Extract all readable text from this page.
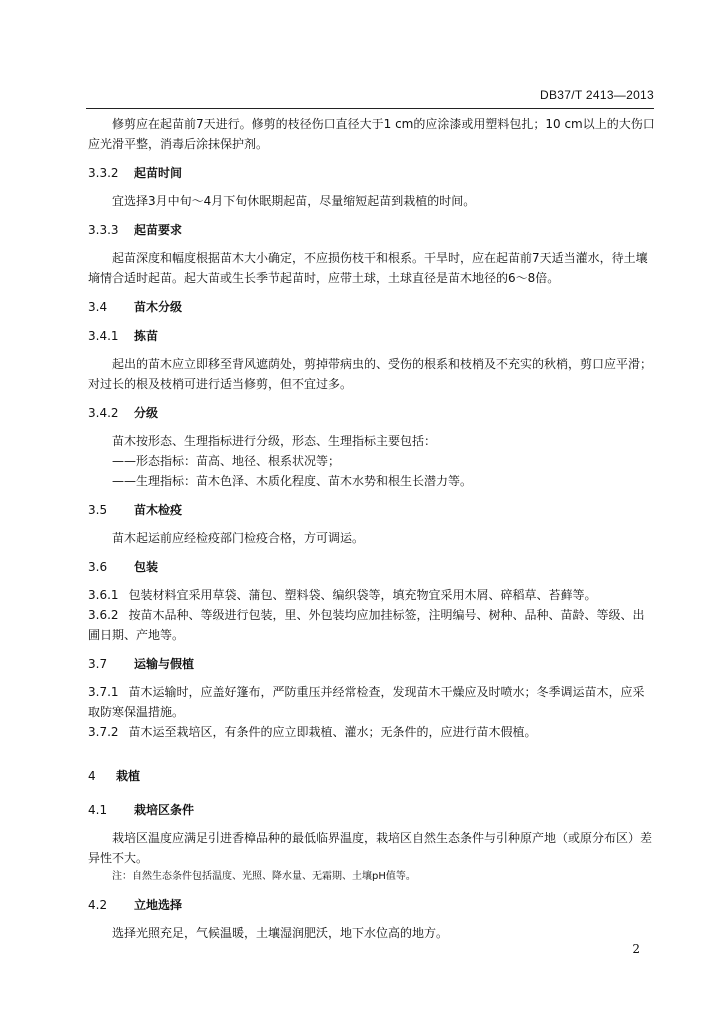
DB37/T 2413—2013

修剪应在起苗前7天进行。修剪的枝径伤口直径大于1 cm的应涂漆或用塑料包扎；10 cm以上的大伤口应光滑平整，消毒后涂抹保护剂。

3.3.2 起苗时间

宜选择3月中旬～4月下旬休眠期起苗，尽量缩短起苗到栽植的时间。

3.3.3 起苗要求

起苗深度和幅度根据苗木大小确定，不应损伤枝干和根系。干旱时，应在起苗前7天适当灌水，待土壤墒情合适时起苗。起大苗或生长季节起苗时，应带土球，土球直径是苗木地径的6～8倍。

3.4 苗木分级
3.4.1 拣苗

起出的苗木应立即移至背风遮荫处，剪掉带病虫的、受伤的根系和枝梢及不充实的秋梢，剪口应平滑；对过长的根及枝梢可进行适当修剪，但不宜过多。

3.4.2 分级

苗木按形态、生理指标进行分级，形态、生理指标主要包括：

——形态指标：苗高、地径、根系状况等；

——生理指标：苗木色泽、木质化程度、苗木水势和根生长潜力等。

3.5 苗木检疫

苗木起运前应经检疫部门检疫合格，方可调运。

3.6 包装

3.6.1 包装材料宜采用草袋、蒲包、塑料袋、编织袋等，填充物宜采用木屑、碎稻草、苔藓等。

3.6.2 按苗木品种、等级进行包装，里、外包装均应加挂标签，注明编号、树种、品种、苗龄、等级、出圃日期、产地等。

3.7 运输与假植

3.7.1 苗木运输时，应盖好篷布，严防重压并经常检查，发现苗木干燥应及时喷水；冬季调运苗木，应采取防寒保温措施。

3.7.2 苗木运至栽培区，有条件的应立即栽植、灌水；无条件的，应进行苗木假植。

4 栽植
4.1 栽培区条件

栽培区温度应满足引进香樟品种的最低临界温度，栽培区自然生态条件与引种原产地（或原分布区）差异性不大。

注：自然生态条件包括温度、光照、降水量、无霜期、土壤pH值等。

4.2 立地选择

选择光照充足，气候温暖，土壤湿润肥沃，地下水位高的地方。

2
